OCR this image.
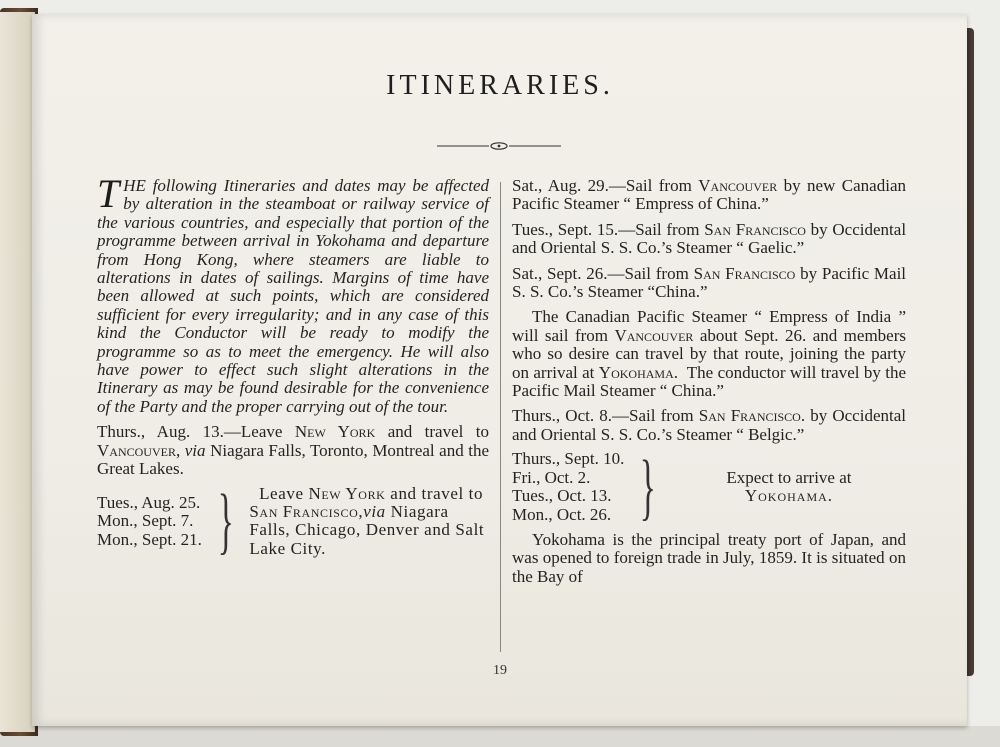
ITINERARIES.

THE following Itineraries and dates may be affected by alteration in the steamboat or railway service of the various countries, and especially that portion of the programme between arrival in Yokohama and departure from Hong Kong, where steamers are liable to alterations in dates of sailings. Margins of time have been allowed at such points, which are considered sufficient for every irregularity; and in any case of this kind the Conductor will be ready to modify the programme so as to meet the emergency. He will also have power to effect such slight alterations in the Itinerary as may be found desirable for the convenience of the Party and the proper carrying out of the tour.

Thurs., Aug. 13.—Leave New York and travel to Vancouver, via Niagara Falls, Toronto, Montreal and the Great Lakes.

Tues., Aug. 25.
Mon., Sept. 7.
Mon., Sept. 21. }	Leave New York and travel to San Francisco,via Niagara Falls, Chicago, Denver and Salt Lake City.

Sat., Aug. 29.—Sail from Vancouver by new Canadian Pacific Steamer “ Empress of China.”

Tues., Sept. 15.—Sail from San Francisco by Occidental and Oriental S. S. Co.’s Steamer “ Gaelic.”

Sat., Sept. 26.—Sail from San Francisco by Pacific Mail S. S. Co.’s Steamer “China.”

The Canadian Pacific Steamer “ Empress of India ” will sail from Vancouver about Sept. 26. and members who so desire can travel by that route, joining the party on arrival at Yokohama. The conductor will travel by the Pacific Mail Steamer “ China.”

Thurs., Oct. 8.—Sail from San Francisco. by Occidental and Oriental S. S. Co.’s Steamer “ Belgic.”

Thurs., Sept. 10.
Fri., Oct. 2.
Tues., Oct. 13.
Mon., Oct. 26. }	Expect to arrive at
Yokohama.

Yokohama is the principal treaty port of Japan, and was opened to foreign trade in July, 1859. It is situated on the Bay of

19
